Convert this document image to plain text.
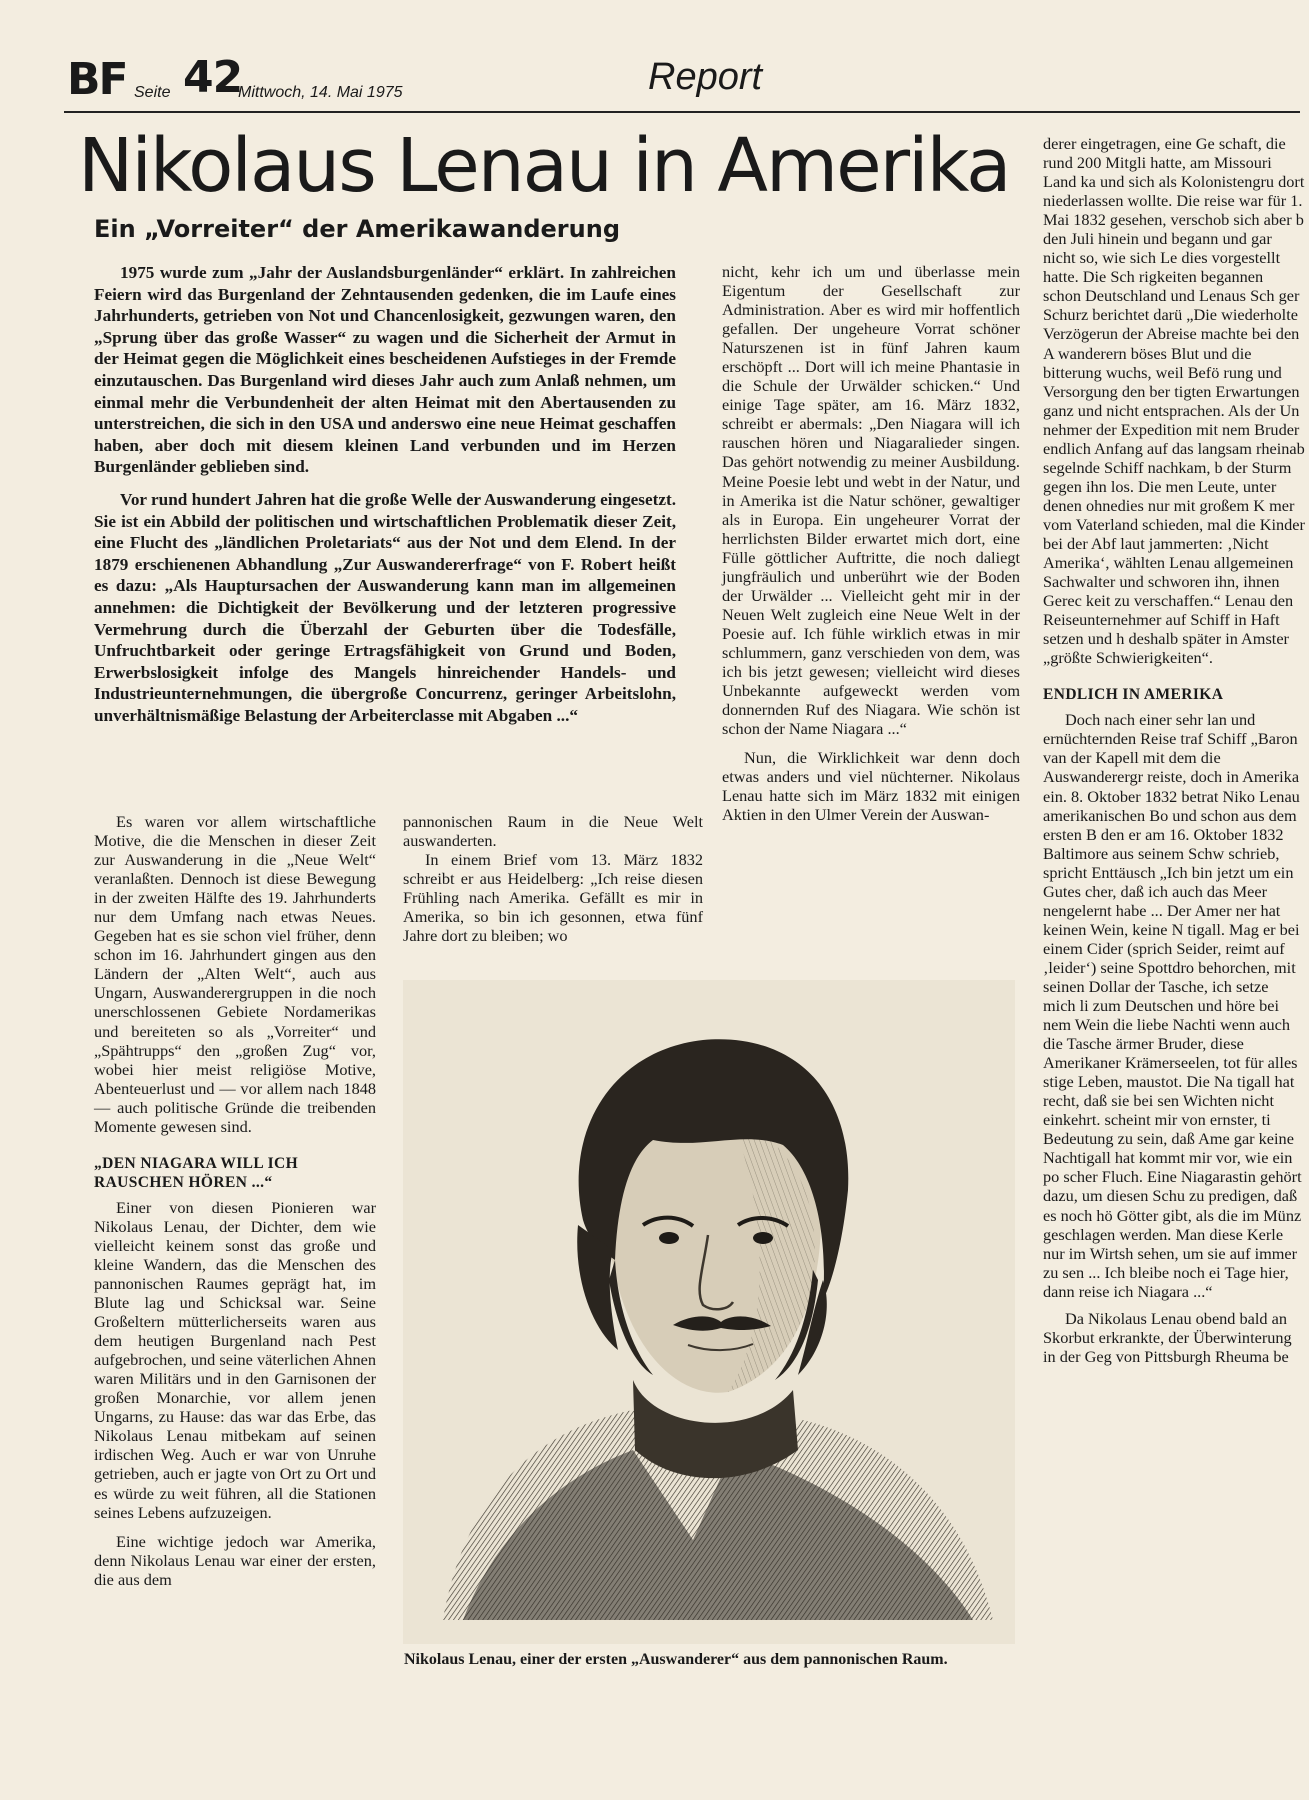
BF Seite 42
Mittwoch, 14. Mai 1975	Report
Nikolaus Lenau in Amerika
Ein „Vorreiter“ der Amerikawanderung

1975 wurde zum „Jahr der Auslandsburgenländer“ erklärt. In zahlreichen Feiern wird das Burgenland der Zehntausenden gedenken, die im Laufe eines Jahrhunderts, getrieben von Not und Chancenlosigkeit, gezwungen waren, den „Sprung über das große Wasser“ zu wagen und die Sicherheit der Armut in der Heimat gegen die Möglichkeit eines bescheidenen Aufstieges in der Fremde einzutauschen. Das Burgenland wird dieses Jahr auch zum Anlaß nehmen, um einmal mehr die Verbundenheit der alten Heimat mit den Abertausenden zu unterstreichen, die sich in den USA und anderswo eine neue Heimat geschaffen haben, aber doch mit diesem kleinen Land verbunden und im Herzen Burgenländer geblieben sind.

Vor rund hundert Jahren hat die große Welle der Auswanderung eingesetzt. Sie ist ein Abbild der politischen und wirtschaftlichen Problematik dieser Zeit, eine Flucht des „ländlichen Proletariats“ aus der Not und dem Elend. In der 1879 erschienenen Abhandlung „Zur Auswandererfrage“ von F. Robert heißt es dazu: „Als Hauptursachen der Auswanderung kann man im allgemeinen annehmen: die Dichtigkeit der Bevölkerung und der letzteren progressive Vermehrung durch die Überzahl der Geburten über die Todesfälle, Unfruchtbarkeit oder geringe Ertragsfähigkeit von Grund und Boden, Erwerbslosigkeit infolge des Mangels hinreichender Handels- und Industrieunternehmungen, die übergroße Concurrenz, geringer Arbeitslohn, unverhältnismäßige Belastung der Arbeiterclasse mit Abgaben ...“

Es waren vor allem wirtschaftliche Motive, die die Menschen in dieser Zeit zur Auswanderung in die „Neue Welt“ veranlaßten. Dennoch ist diese Bewegung in der zweiten Hälfte des 19. Jahrhunderts nur dem Umfang nach etwas Neues. Gegeben hat es sie schon viel früher, denn schon im 16. Jahrhundert gingen aus den Ländern der „Alten Welt“, auch aus Ungarn, Auswanderergruppen in die noch unerschlossenen Gebiete Nordamerikas und bereiteten so als „Vorreiter“ und „Spähtrupps“ den „großen Zug“ vor, wobei hier meist religiöse Motive, Abenteuerlust und — vor allem nach 1848 — auch politische Gründe die treibenden Momente gewesen sind.

„DEN NIAGARA WILL ICH RAUSCHEN HÖREN ...“

Einer von diesen Pionieren war Nikolaus Lenau, der Dichter, dem wie vielleicht keinem sonst das große und kleine Wandern, das die Menschen des pannonischen Raumes geprägt hat, im Blute lag und Schicksal war. Seine Großeltern mütterlicherseits waren aus dem heutigen Burgenland nach Pest aufgebrochen, und seine väterlichen Ahnen waren Militärs und in den Garnisonen der großen Monarchie, vor allem jenen Ungarns, zu Hause: das war das Erbe, das Nikolaus Lenau mitbekam auf seinen irdischen Weg. Auch er war von Unruhe getrieben, auch er jagte von Ort zu Ort und es würde zu weit führen, all die Stationen seines Lebens aufzuzeigen.

Eine wichtige jedoch war Amerika, denn Nikolaus Lenau war einer der ersten, die aus dem

pannonischen Raum in die Neue Welt auswanderten.

In einem Brief vom 13. März 1832 schreibt er aus Heidelberg: „Ich reise diesen Frühling nach Amerika. Gefällt es mir in Amerika, so bin ich gesonnen, etwa fünf Jahre dort zu bleiben; wo

nicht, kehr ich um und überlasse mein Eigentum der Gesellschaft zur Administration. Aber es wird mir hoffentlich gefallen. Der ungeheure Vorrat schöner Naturszenen ist in fünf Jahren kaum erschöpft ... Dort will ich meine Phantasie in die Schule der Urwälder schicken.“ Und einige Tage später, am 16. März 1832, schreibt er abermals: „Den Niagara will ich rauschen hören und Niagaralieder singen. Das gehört notwendig zu meiner Ausbildung. Meine Poesie lebt und webt in der Natur, und in Amerika ist die Natur schöner, gewaltiger als in Europa. Ein ungeheurer Vorrat der herrlichsten Bilder erwartet mich dort, eine Fülle göttlicher Auftritte, die noch daliegt jungfräulich und unberührt wie der Boden der Urwälder ... Vielleicht geht mir in der Neuen Welt zugleich eine Neue Welt in der Poesie auf. Ich fühle wirklich etwas in mir schlummern, ganz verschieden von dem, was ich bis jetzt gewesen; vielleicht wird dieses Unbekannte aufgeweckt werden vom donnernden Ruf des Niagara. Wie schön ist schon der Name Niagara ...“

Nun, die Wirklichkeit war denn doch etwas anders und viel nüchterner. Nikolaus Lenau hatte sich im März 1832 mit einigen Aktien in den Ulmer Verein der Auswan-

derer eingetragen, eine Ge schaft, die rund 200 Mitgli hatte, am Missouri Land ka und sich als Kolonistengru dort niederlassen wollte. Die reise war für 1. Mai 1832 gesehen, verschob sich aber b den Juli hinein und begann und gar nicht so, wie sich Le dies vorgestellt hatte. Die Sch rigkeiten begannen schon Deutschland und Lenaus Sch ger Schurz berichtet darü „Die wiederholte Verzögerun der Abreise machte bei den A wanderern böses Blut und die bitterung wuchs, weil Befö rung und Versorgung den ber tigten Erwartungen ganz und nicht entsprachen. Als der Un nehmer der Expedition mit nem Bruder endlich Anfang auf das langsam rheinab segelnde Schiff nachkam, b der Sturm gegen ihn los. Die men Leute, unter denen ohnedies nur mit großem K mer vom Vaterland schieden, mal die Kinder bei der Abf laut jammerten: ‚Nicht Amerika‘, wählten Lenau allgemeinen Sachwalter und schworen ihn, ihnen Gerec keit zu verschaffen.“ Lenau den Reiseunternehmer auf Schiff in Haft setzen und h deshalb später in Amster „größte Schwierigkeiten“.

ENDLICH IN AMERIKA

Doch nach einer sehr lan und ernüchternden Reise traf Schiff „Baron van der Kapell mit dem die Auswanderergr reiste, doch in Amerika ein. 8. Oktober 1832 betrat Niko Lenau amerikanischen Bo und schon aus dem ersten B den er am 16. Oktober 1832 Baltimore aus seinem Schw schrieb, spricht Enttäusch „Ich bin jetzt um ein Gutes cher, daß ich auch das Meer nengelernt habe ... Der Amer ner hat keinen Wein, keine N tigall. Mag er bei einem Cider (sprich Seider, reimt auf ‚leider‘) seine Spottdro behorchen, mit seinen Dollar der Tasche, ich setze mich li zum Deutschen und höre bei nem Wein die liebe Nachti wenn auch die Tasche ärmer Bruder, diese Amerikaner Krämerseelen, tot für alles stige Leben, maustot. Die Na tigall hat recht, daß sie bei sen Wichten nicht einkehrt. scheint mir von ernster, ti Bedeutung zu sein, daß Ame gar keine Nachtigall hat kommt mir vor, wie ein po scher Fluch. Eine Niagarastin gehört dazu, um diesen Schu zu predigen, daß es noch hö Götter gibt, als die im Münz geschlagen werden. Man diese Kerle nur im Wirtsh sehen, um sie auf immer zu sen ... Ich bleibe noch ei Tage hier, dann reise ich Niagara ...“

Da Nikolaus Lenau obend bald an Skorbut erkrankte, der Überwinterung in der Geg von Pittsburgh Rheuma be

Nikolaus Lenau, einer der ersten „Auswanderer“ aus dem pannonischen Raum.
